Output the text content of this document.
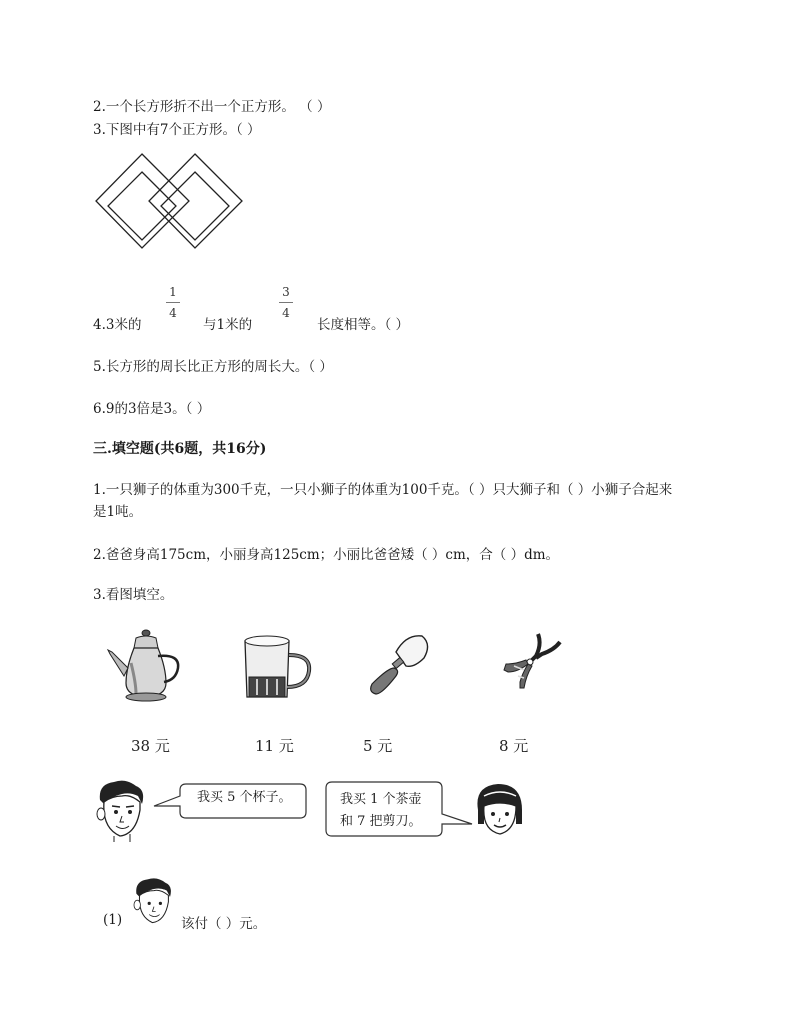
2.一个长方形折不出一个正方形。 （ ）
3.下图中有7个正方形。（ ）
4.3米的
1
4
与1米的
3
4
长度相等。（ ）
5.长方形的周长比正方形的周长大。（ ）
6.9的3倍是3。（ ）
三.填空题(共6题，共16分)
1.一只狮子的体重为300千克，一只小狮子的体重为100千克。（ ）只大狮子和（ ）小狮子合起来是1吨。
2.爸爸身高175cm，小丽身高125cm；小丽比爸爸矮（ ）cm，合（ ）dm。
3.看图填空。
38 元	11 元	5 元	8 元
我买 5 个杯子。	我买 1 个茶壶
和 7 把剪刀。
(1)	该付（ ）元。
